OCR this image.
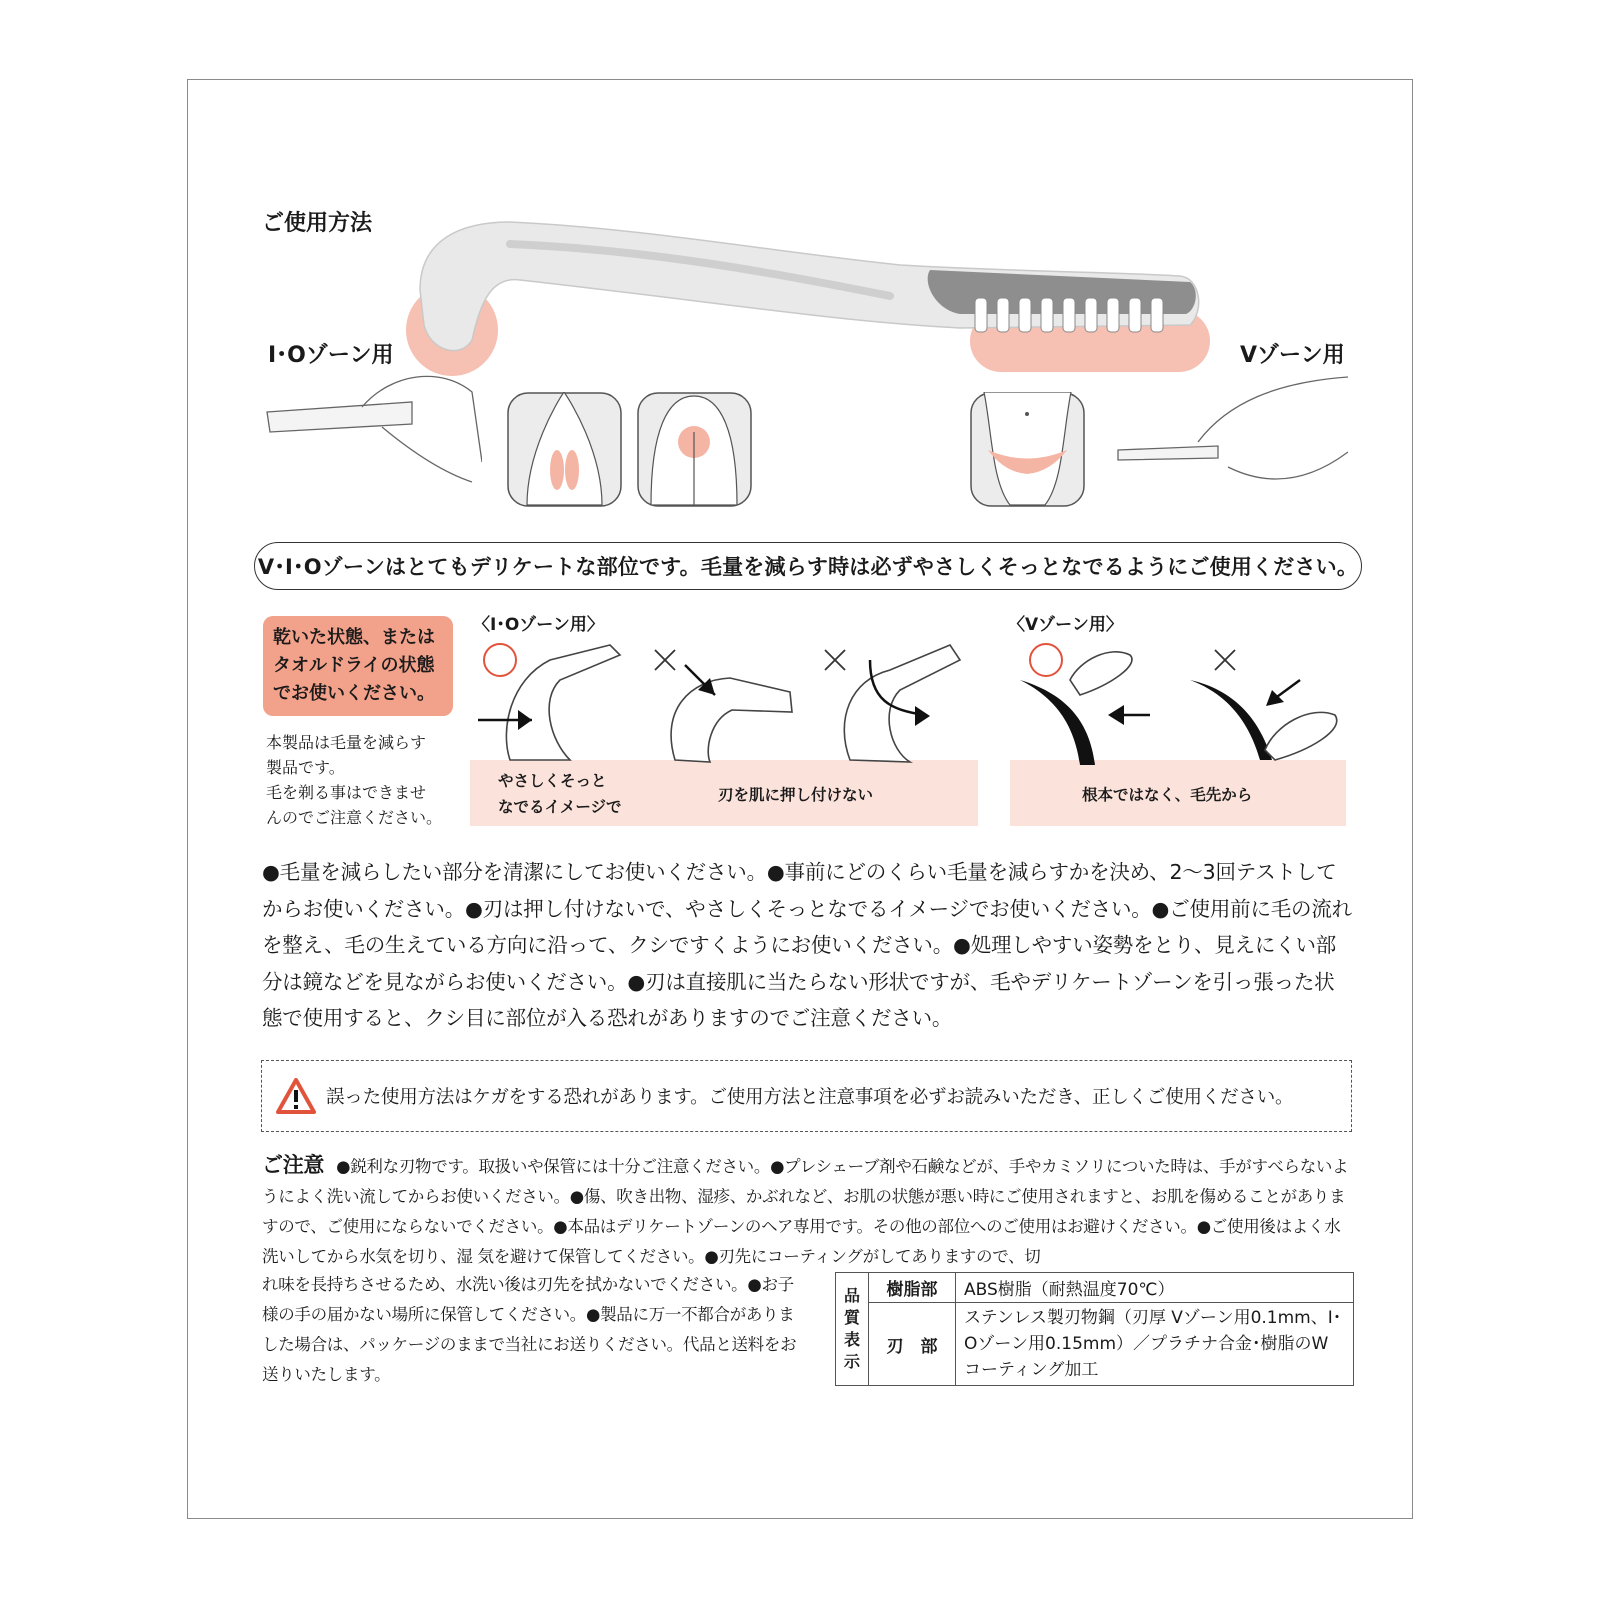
ご使用方法
I･Oゾーン用	Vゾーン用
V･I･Oゾーンはとてもデリケートな部位です。毛量を減らす時は必ずやさしくそっとなでるようにご使用ください。
乾いた状態、または
タオルドライの状態
でお使いください。
本製品は毛量を減らす
製品です。
毛を剃る事はできませ
んのでご注意ください。
〈I･Oゾーン用〉	〈Vゾーン用〉
やさしくそっと
なでるイメージで
刃を肌に押し付けない	根本ではなく、毛先から
●毛量を減らしたい部分を清潔にしてお使いください。●事前にどのくらい毛量を減らすかを決め、2～3回テストしてからお使いください。●刃は押し付けないで、やさしくそっとなでるイメージでお使いください。●ご使用前に毛の流れを整え、毛の生えている方向に沿って、クシですくようにお使いください。●処理しやすい姿勢をとり、見えにくい部分は鏡などを見ながらお使いください。●刃は直接肌に当たらない形状ですが、毛やデリケートゾーンを引っ張った状態で使用すると、クシ目に部位が入る恐れがありますのでご注意ください。
誤った使用方法はケガをする恐れがあります。ご使用方法と注意事項を必ずお読みいただき、正しくご使用ください。
ご注意 ●鋭利な刃物です。取扱いや保管には十分ご注意ください。●プレシェーブ剤や石鹸などが、手やカミソリについた時は、手がすべらないようによく洗い流してからお使いください。●傷、吹き出物、湿疹、かぶれなど、お肌の状態が悪い時にご使用されますと、お肌を傷めることがありますので、ご使用にならないでください。●本品はデリケートゾーンのヘア専用です。その他の部位へのご使用はお避けください。●ご使用後はよく水洗いしてから水気を切り、湿 気を避けて保管してください。●刃先にコーティングがしてありますので、切
れ味を長持ちさせるため、水洗い後は刃先を拭かないでください。●お子様の手の届かない場所に保管してください。●製品に万一不都合がありました場合は、パッケージのままで当社にお送りください。代品と送料をお送りいたします。
品
質
表
示	樹脂部	ABS樹脂（耐熱温度70℃）
	刃　部	ステンレス製刃物鋼（刃厚 Vゾーン用0.1mm、I･Oゾーン用0.15mm）／プラチナ合金･樹脂のWコーティング加工
